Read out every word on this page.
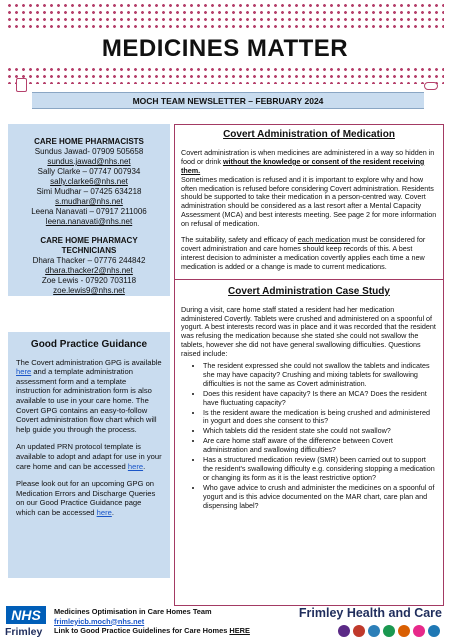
MEDICINES MATTER
MOCH TEAM NEWSLETTER – FEBRUARY 2024
CARE HOME PHARMACISTS
Sundus Jawad- 07909 505658
sundus.jawad@nhs.net
Sally Clarke – 07747 007934
sally.clarke6@nhs.net
Simi Mudhar – 07425 634218
s.mudhar@nhs.net
Leena Nanavati – 07917 211006
leena.nanavati@nhs.net
CARE HOME PHARMACY TECHNICIANS
Dhara Thacker – 07776 244842
dhara.thacker2@nhs.net
Zoe Lewis - 07920 703118
zoe.lewis9@nhs.net
Good Practice Guidance

The Covert administration GPG is available here and a template administration assessment form and a template instruction for administration form is also available to use in your care home. The Covert GPG contains an easy-to-follow Covert administration flow chart which will help guide you through the process.

An updated PRN protocol template is available to adopt and adapt for use in your care home and can be accessed here.

Please look out for an upcoming GPG on Medication Errors and Discharge Queries on our Good Practice Guidance page which can be accessed here.

Covert Administration of Medication

Covert administration is when medicines are administered in a way so hidden in food or drink without the knowledge or consent of the resident receiving them.

Sometimes medication is refused and it is important to explore why and how often medication is refused before considering Covert administration. Residents should be supported to take their medication in a person-centred way. Covert administration should be considered as a last resort after a Mental Capacity Assessment (MCA) and best interests meeting. See page 2 for more information on refusal of medication.

The suitability, safety and efficacy of each medication must be considered for covert administration and care homes should keep records of this. A best interest decision to administer a medication covertly applies each time a new medication is added or a change is made to current medications.

Covert Administration Case Study

During a visit, care home staff stated a resident had her medication administered Covertly. Tablets were crushed and administered on a spoonful of yogurt. A best interests record was in place and it was recorded that the resident was refusing the medication because she stated she could not swallow the tablets, however she did not have general swallowing difficulties. Questions raised include:

• The resident expressed she could not swallow the tablets and indicates she may have capacity? Crushing and mixing tablets for swallowing difficulties is not the same as Covert administration.
• Does this resident have capacity? Is there an MCA? Does the resident have fluctuating capacity?
• Is the resident aware the medication is being crushed and administered in yogurt and does she consent to this?
• Which tablets did the resident state she could not swallow?
• Are care home staff aware of the difference between Covert administration and swallowing difficulties?
• Has a structured medication review (SMR) been carried out to support the resident's swallowing difficulty e.g. considering stopping a medication or changing its form as it is the least restrictive option?
• Who gave advice to crush and administer the medicines on a spoonful of yogurt and is this advice documented on the MAR chart, care plan and dispensing label?
NHS
Frimley
Medicines Optimisation in Care Homes Team
frimleyicb.moch@nhs.net
Link to Good Practice Guidelines for Care Homes HERE
Frimley Health and Care
